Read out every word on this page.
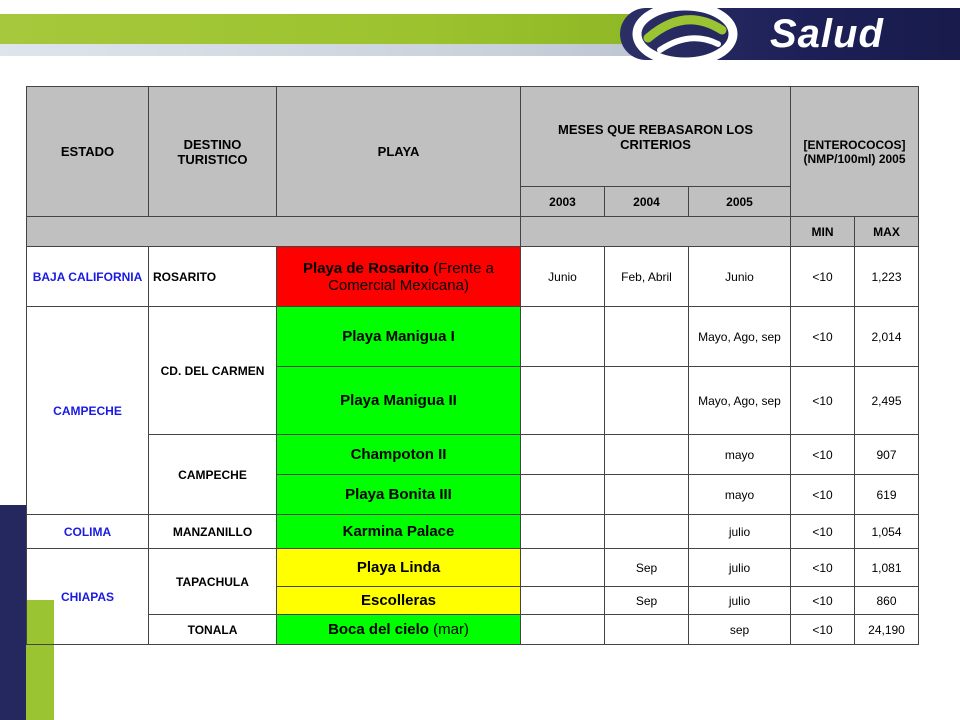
Salud
ESTADO	DESTINO TURISTICO	PLAYA	MESES QUE REBASARON LOS CRITERIOS			[ENTEROCOCOS] (NMP/100ml) 2005	
			2003	2004	2005		
						MIN	MAX
BAJA CALIFORNIA	ROSARITO	Playa de Rosarito (Frente a Comercial Mexicana)	Junio	Feb, Abril	Junio	<10	1,223
CAMPECHE	CD. DEL CARMEN	Playa Manigua I			Mayo, Ago, sep	<10	2,014
		Playa Manigua II			Mayo, Ago, sep	<10	2,495
	CAMPECHE	Champoton II			mayo	<10	907
		Playa Bonita III			mayo	<10	619
COLIMA	MANZANILLO	Karmina Palace			julio	<10	1,054
CHIAPAS	TAPACHULA	Playa Linda		Sep	julio	<10	1,081
		Escolleras		Sep	julio	<10	860
	TONALA	Boca del cielo (mar)			sep	<10	24,190
